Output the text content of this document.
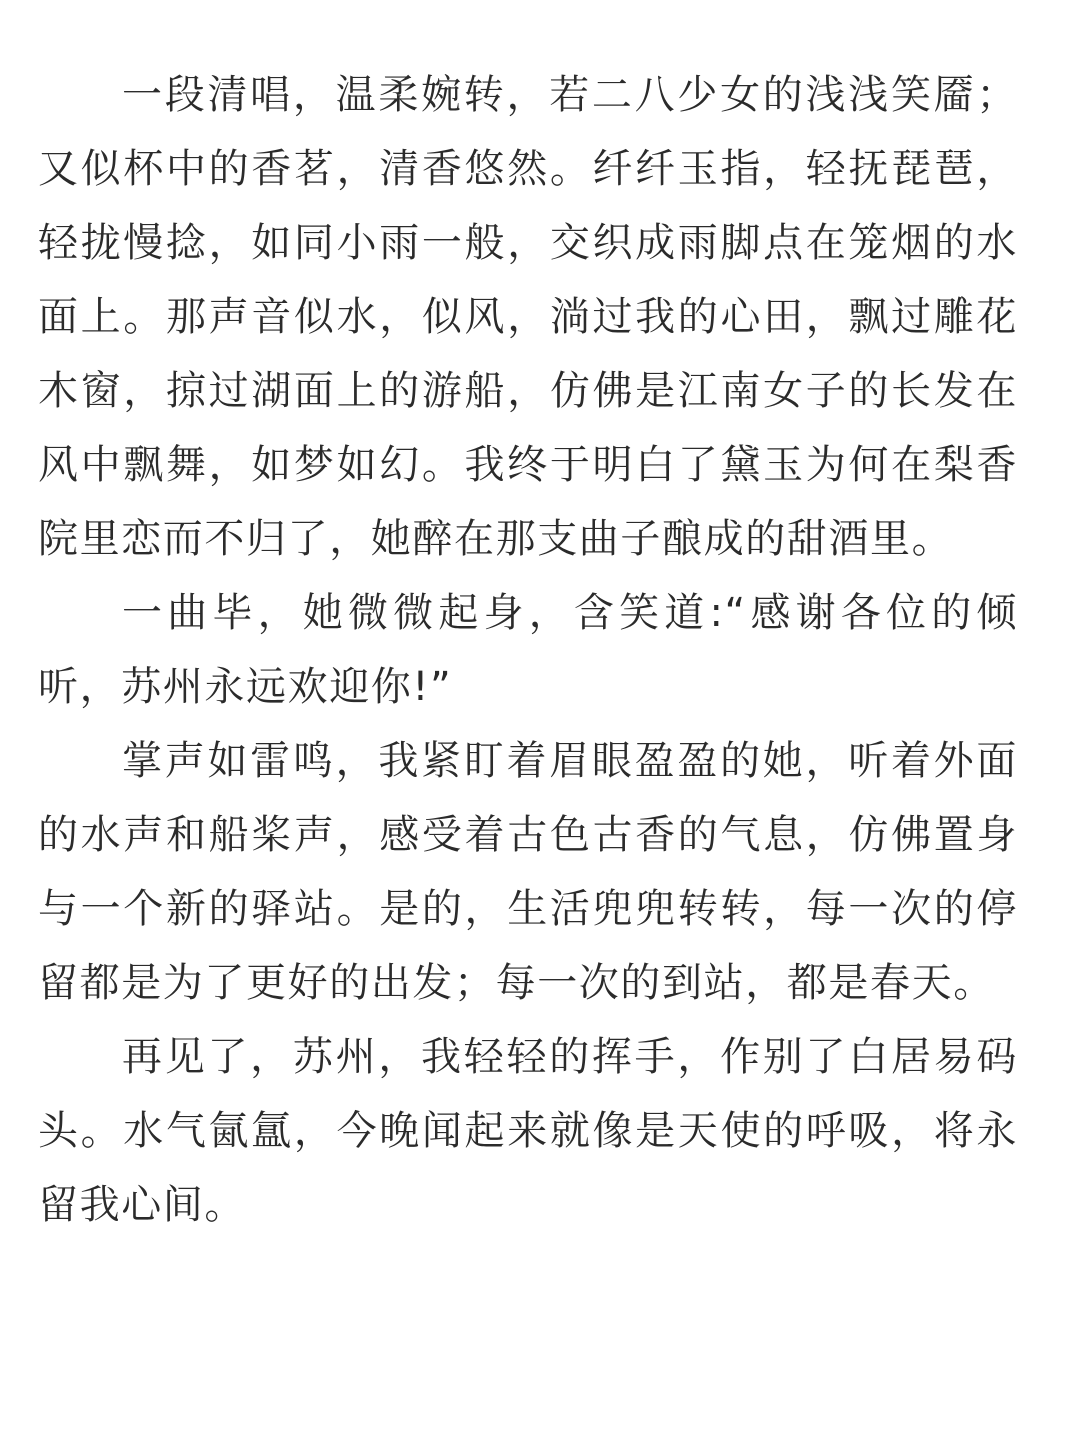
一段清唱，温柔婉转，若二八少女的浅浅笑靥；又似杯中的香茗，清香悠然。纤纤玉指，轻抚琵琶，轻拢慢捻，如同小雨一般，交织成雨脚点在笼烟的水面上。那声音似水，似风，淌过我的心田，飘过雕花木窗，掠过湖面上的游船，仿佛是江南女子的长发在风中飘舞，如梦如幻。我终于明白了黛玉为何在梨香院里恋而不归了，她醉在那支曲子酿成的甜酒里。

一曲毕，她微微起身，含笑道:“感谢各位的倾听，苏州永远欢迎你!”

掌声如雷鸣，我紧盯着眉眼盈盈的她，听着外面的水声和船桨声，感受着古色古香的气息，仿佛置身与一个新的驿站。是的，生活兜兜转转，每一次的停留都是为了更好的出发；每一次的到站，都是春天。

再见了，苏州，我轻轻的挥手，作别了白居易码头。水气氤氲，今晚闻起来就像是天使的呼吸，将永留我心间。
